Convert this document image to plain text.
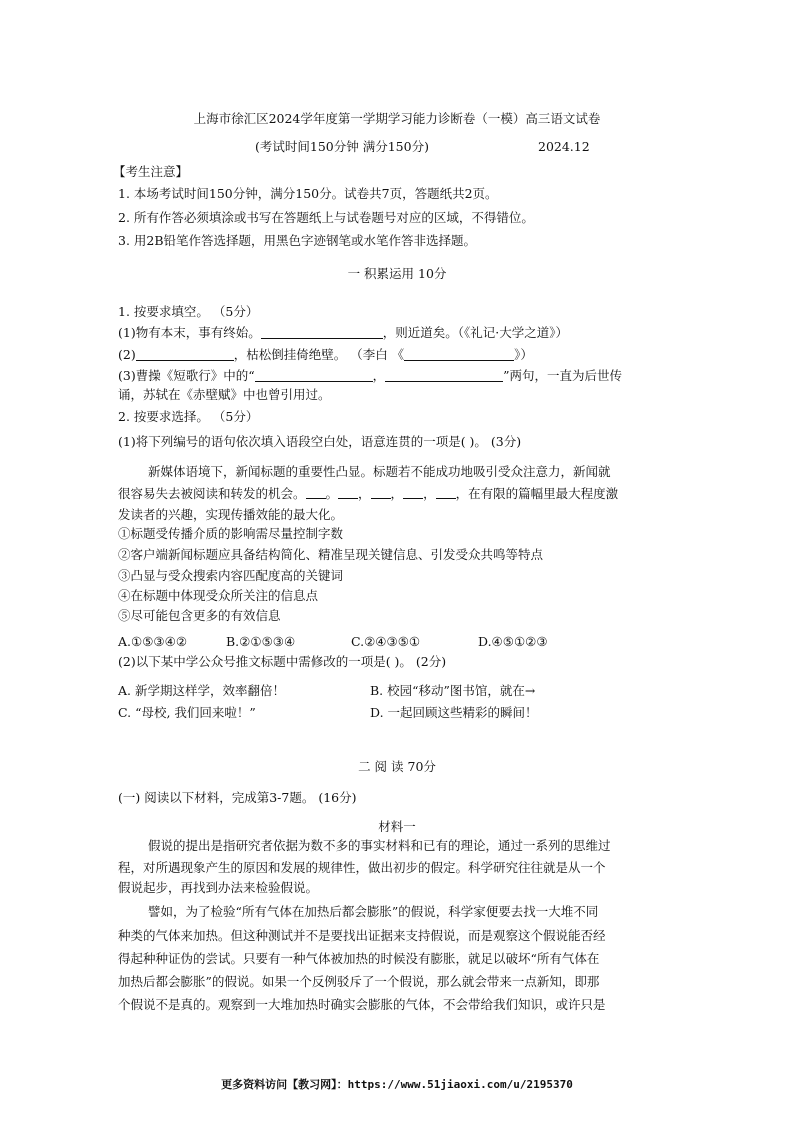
上海市徐汇区2024学年度第一学期学习能力诊断卷（一模）高三语文试卷
(考试时间150分钟 满分150分)	2024.12
【考生注意】
1. 本场考试时间150分钟，满分150分。试卷共7页，答题纸共2页。
2. 所有作答必须填涂或书写在答题纸上与试卷题号对应的区域，不得错位。
3. 用2B铅笔作答选择题，用黑色字迹钢笔或水笔作答非选择题。
一 积累运用 10分
1. 按要求填空。 （5分）
(1)物有本末，事有终始。	，则近道矣。（《礼记·大学之道》）
(2)	，枯松倒挂倚绝壁。 （李白 《	》）
(3)曹操《短歌行》中的“	，	”两句，一直为后世传
诵，苏轼在《赤壁赋》中也曾引用过。
2. 按要求选择。 （5分）
(1)将下列编号的语句依次填入语段空白处，语意连贯的一项是( )。 (3分)
新媒体语境下，新闻标题的重要性凸显。标题若不能成功地吸引受众注意力，新闻就
很容易失去被阅读和转发的机会。 。 ， ， ， ，在有限的篇幅里最大程度激
发读者的兴趣，实现传播效能的最大化。
①标题受传播介质的影响需尽量控制字数
②客户端新闻标题应具备结构简化、精准呈现关键信息、引发受众共鸣等特点
③凸显与受众搜索内容匹配度高的关键词
④在标题中体现受众所关注的信息点
⑤尽可能包含更多的有效信息
A.①⑤③④②	B.②①⑤③④	C.②④③⑤①	D.④⑤①②③
(2)以下某中学公众号推文标题中需修改的一项是( )。 (2分)
A. 新学期这样学，效率翻倍！	B. 校园“移动”图书馆，就在→
C. “母校, 我们回来啦！”	D. 一起回顾这些精彩的瞬间！
二 阅 读 70分
(一) 阅读以下材料，完成第3-7题。 (16分)
材料一
假说的提出是指研究者依据为数不多的事实材料和已有的理论，通过一系列的思维过
程，对所遇现象产生的原因和发展的规律性，做出初步的假定。科学研究往往就是从一个
假说起步，再找到办法来检验假说。
譬如，为了检验“所有气体在加热后都会膨胀”的假说，科学家便要去找一大堆不同
种类的气体来加热。但这种测试并不是要找出证据来支持假说，而是观察这个假说能否经
得起种种证伪的尝试。只要有一种气体被加热的时候没有膨胀，就足以破坏“所有气体在
加热后都会膨胀”的假说。如果一个反例驳斥了一个假说，那么就会带来一点新知，即那
个假说不是真的。观察到一大堆加热时确实会膨胀的气体，不会带给我们知识，或许只是
更多资料访问【教习网】：https://www.51jiaoxi.com/u/2195370
